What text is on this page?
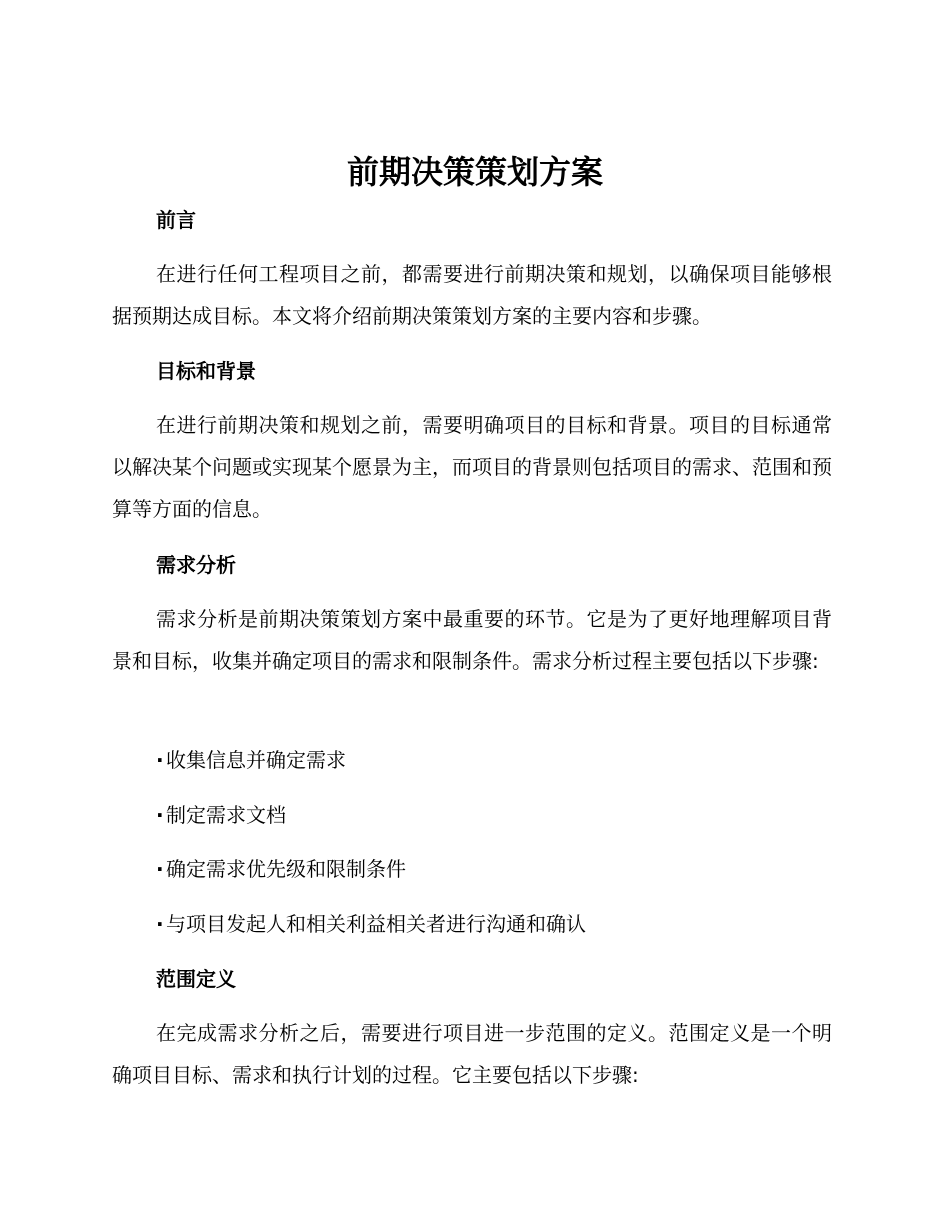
前期决策策划方案
前言

在进行任何工程项目之前，都需要进行前期决策和规划，以确保项目能够根据预期达成目标。本文将介绍前期决策策划方案的主要内容和步骤。

目标和背景

在进行前期决策和规划之前，需要明确项目的目标和背景。项目的目标通常以解决某个问题或实现某个愿景为主，而项目的背景则包括项目的需求、范围和预算等方面的信息。

需求分析

需求分析是前期决策策划方案中最重要的环节。它是为了更好地理解项目背景和目标，收集并确定项目的需求和限制条件。需求分析过程主要包括以下步骤:

· 收集信息并确定需求
· 制定需求文档
· 确定需求优先级和限制条件
· 与项目发起人和相关利益相关者进行沟通和确认
范围定义

在完成需求分析之后，需要进行项目进一步范围的定义。范围定义是一个明确项目目标、需求和执行计划的过程。它主要包括以下步骤:
